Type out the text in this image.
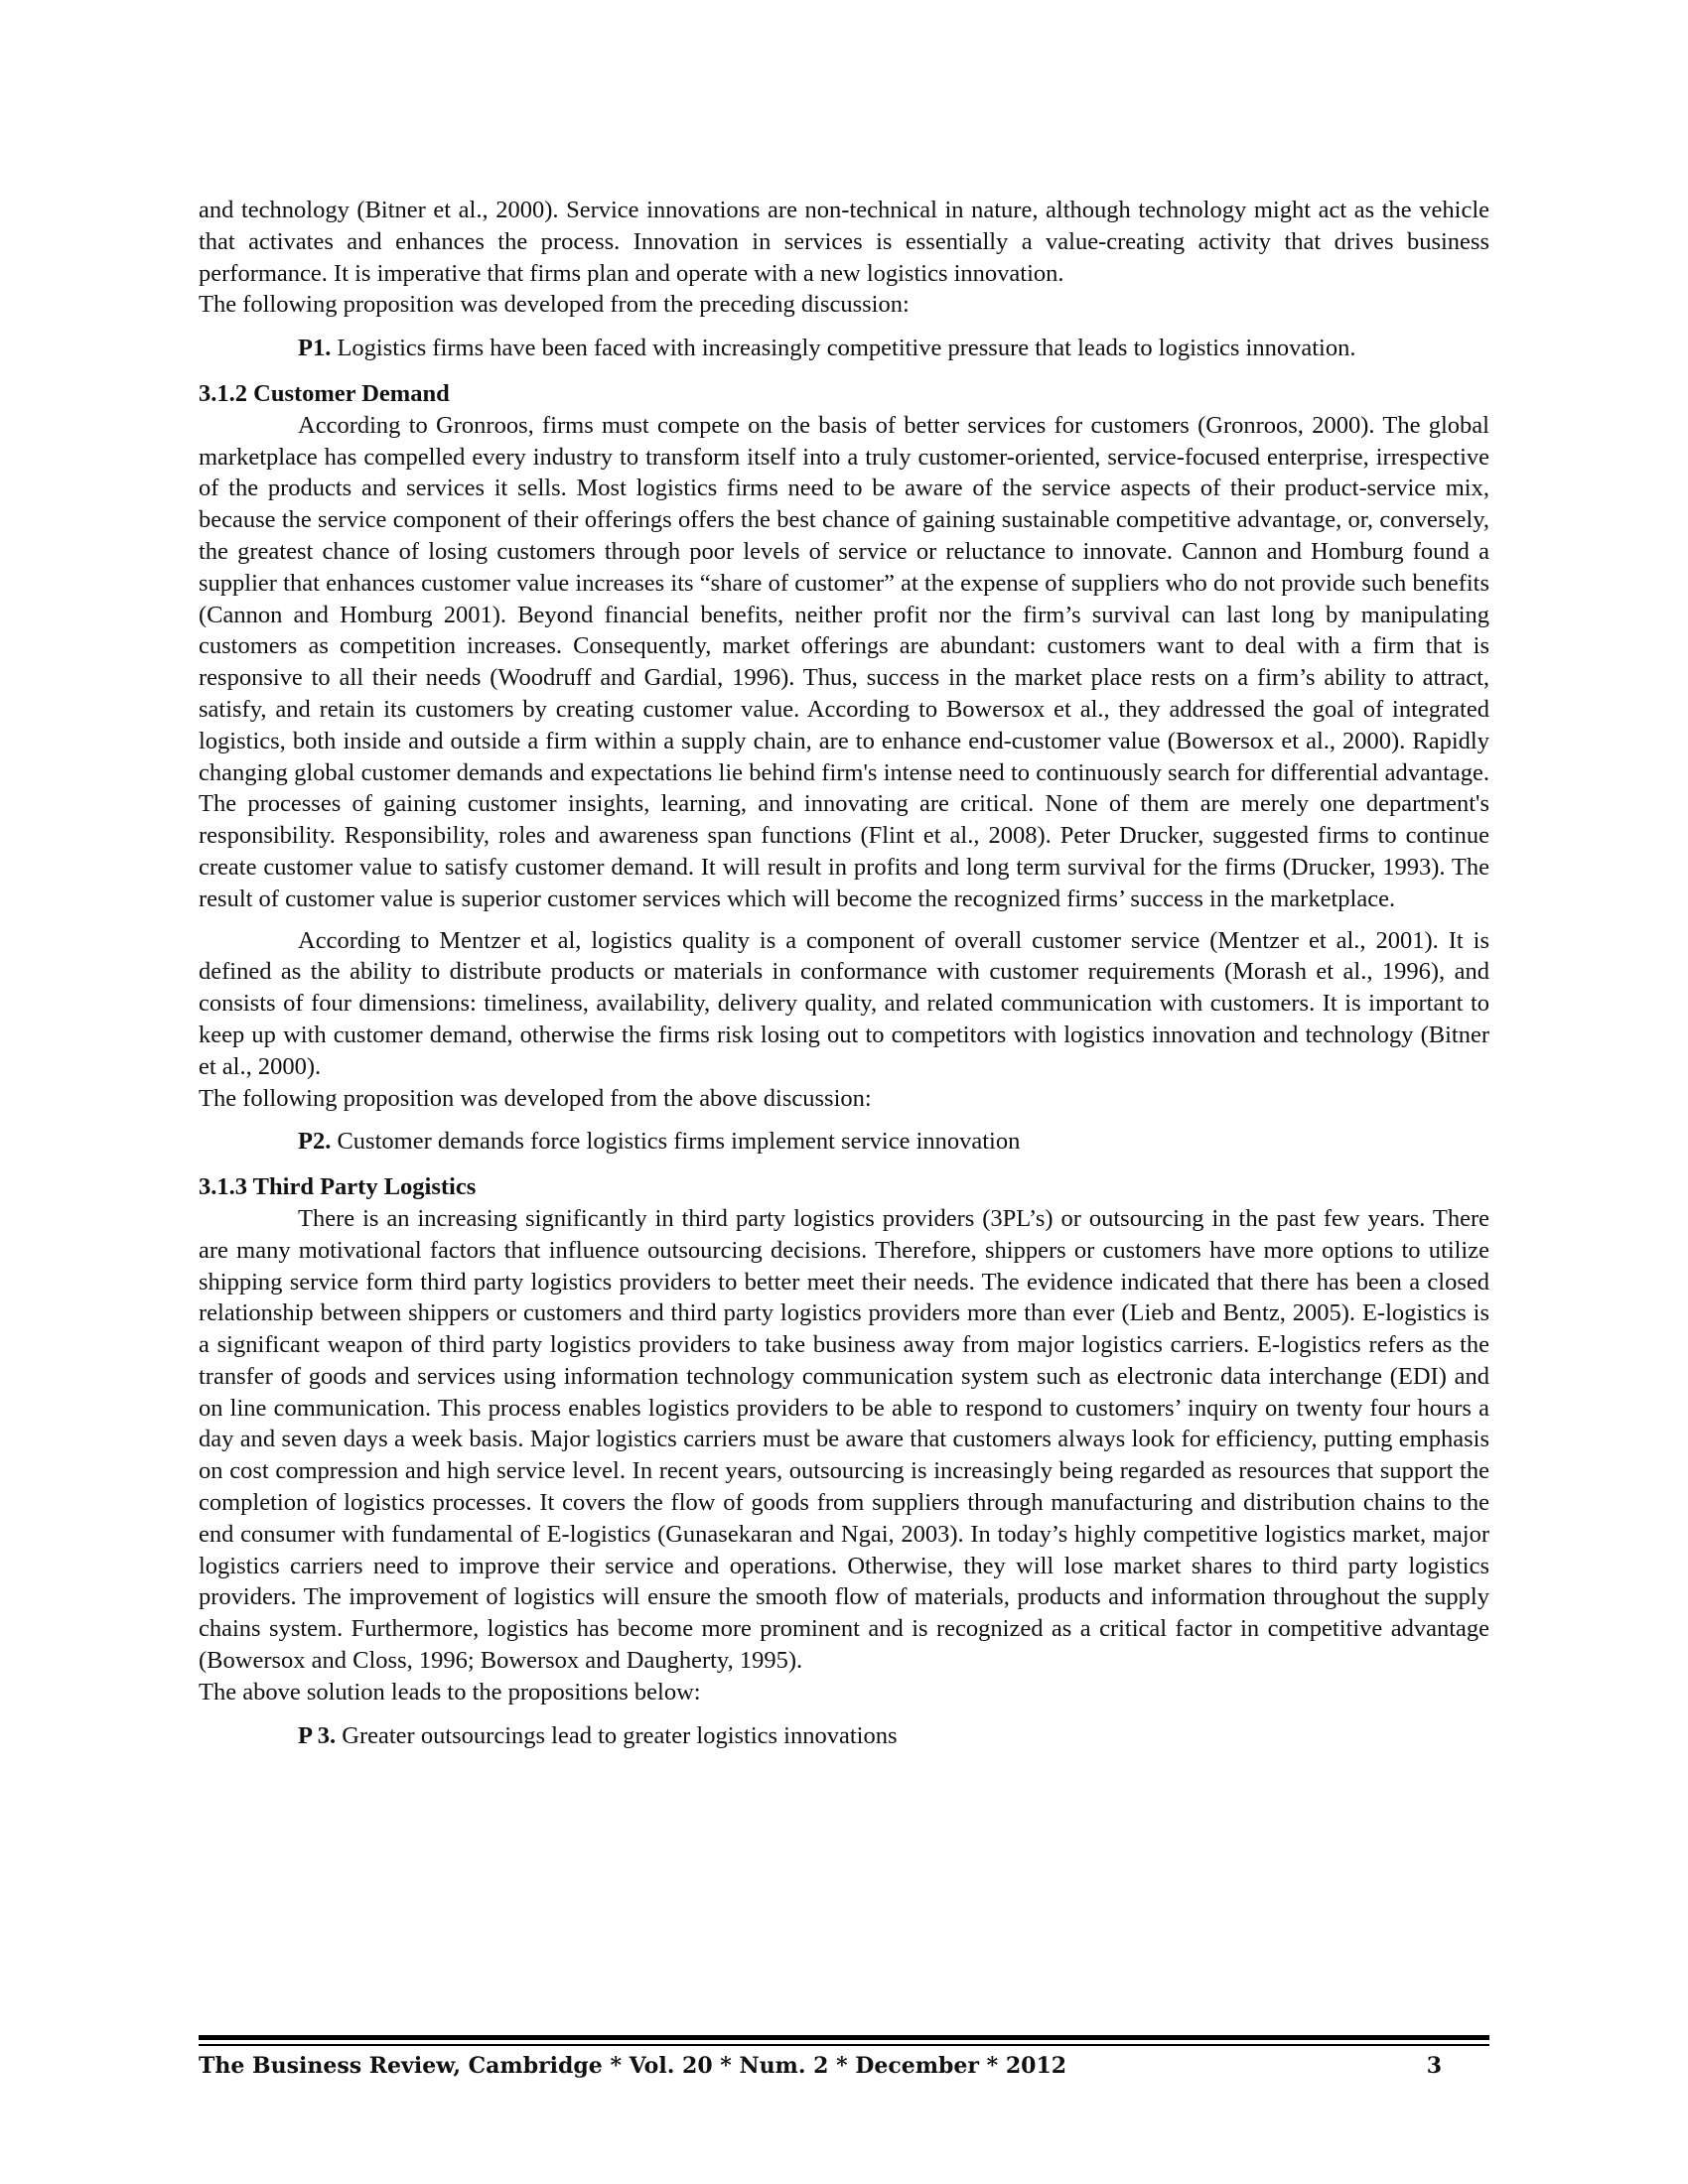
and technology (Bitner et al., 2000). Service innovations are non-technical in nature, although technology might act as the vehicle that activates and enhances the process. Innovation in services is essentially a value-creating activity that drives business performance. It is imperative that firms plan and operate with a new logistics innovation.

The following proposition was developed from the preceding discussion:

P1. Logistics firms have been faced with increasingly competitive pressure that leads to logistics innovation.

3.1.2 Customer Demand

According to Gronroos, firms must compete on the basis of better services for customers (Gronroos, 2000). The global marketplace has compelled every industry to transform itself into a truly customer-oriented, service-focused enterprise, irrespective of the products and services it sells. Most logistics firms need to be aware of the service aspects of their product-service mix, because the service component of their offerings offers the best chance of gaining sustainable competitive advantage, or, conversely, the greatest chance of losing customers through poor levels of service or reluctance to innovate. Cannon and Homburg found a supplier that enhances customer value increases its “share of customer” at the expense of suppliers who do not provide such benefits (Cannon and Homburg 2001). Beyond financial benefits, neither profit nor the firm’s survival can last long by manipulating customers as competition increases. Consequently, market offerings are abundant: customers want to deal with a firm that is responsive to all their needs (Woodruff and Gardial, 1996). Thus, success in the market place rests on a firm’s ability to attract, satisfy, and retain its customers by creating customer value. According to Bowersox et al., they addressed the goal of integrated logistics, both inside and outside a firm within a supply chain, are to enhance end-customer value (Bowersox et al., 2000). Rapidly changing global customer demands and expectations lie behind firm's intense need to continuously search for differential advantage. The processes of gaining customer insights, learning, and innovating are critical. None of them are merely one department's responsibility. Responsibility, roles and awareness span functions (Flint et al., 2008). Peter Drucker, suggested firms to continue create customer value to satisfy customer demand. It will result in profits and long term survival for the firms (Drucker, 1993). The result of customer value is superior customer services which will become the recognized firms’ success in the marketplace.

According to Mentzer et al, logistics quality is a component of overall customer service (Mentzer et al., 2001). It is defined as the ability to distribute products or materials in conformance with customer requirements (Morash et al., 1996), and consists of four dimensions: timeliness, availability, delivery quality, and related communication with customers. It is important to keep up with customer demand, otherwise the firms risk losing out to competitors with logistics innovation and technology (Bitner et al., 2000).

The following proposition was developed from the above discussion:

P2. Customer demands force logistics firms implement service innovation

3.1.3 Third Party Logistics

There is an increasing significantly in third party logistics providers (3PL’s) or outsourcing in the past few years. There are many motivational factors that influence outsourcing decisions. Therefore, shippers or customers have more options to utilize shipping service form third party logistics providers to better meet their needs. The evidence indicated that there has been a closed relationship between shippers or customers and third party logistics providers more than ever (Lieb and Bentz, 2005). E-logistics is a significant weapon of third party logistics providers to take business away from major logistics carriers. E-logistics refers as the transfer of goods and services using information technology communication system such as electronic data interchange (EDI) and on line communication. This process enables logistics providers to be able to respond to customers’ inquiry on twenty four hours a day and seven days a week basis. Major logistics carriers must be aware that customers always look for efficiency, putting emphasis on cost compression and high service level. In recent years, outsourcing is increasingly being regarded as resources that support the completion of logistics processes. It covers the flow of goods from suppliers through manufacturing and distribution chains to the end consumer with fundamental of E-logistics (Gunasekaran and Ngai, 2003). In today’s highly competitive logistics market, major logistics carriers need to improve their service and operations. Otherwise, they will lose market shares to third party logistics providers. The improvement of logistics will ensure the smooth flow of materials, products and information throughout the supply chains system. Furthermore, logistics has become more prominent and is recognized as a critical factor in competitive advantage (Bowersox and Closs, 1996; Bowersox and Daugherty, 1995).

The above solution leads to the propositions below:

P 3. Greater outsourcings lead to greater logistics innovations

The Business Review, Cambridge * Vol. 20 * Num. 2 * December * 2012	3
